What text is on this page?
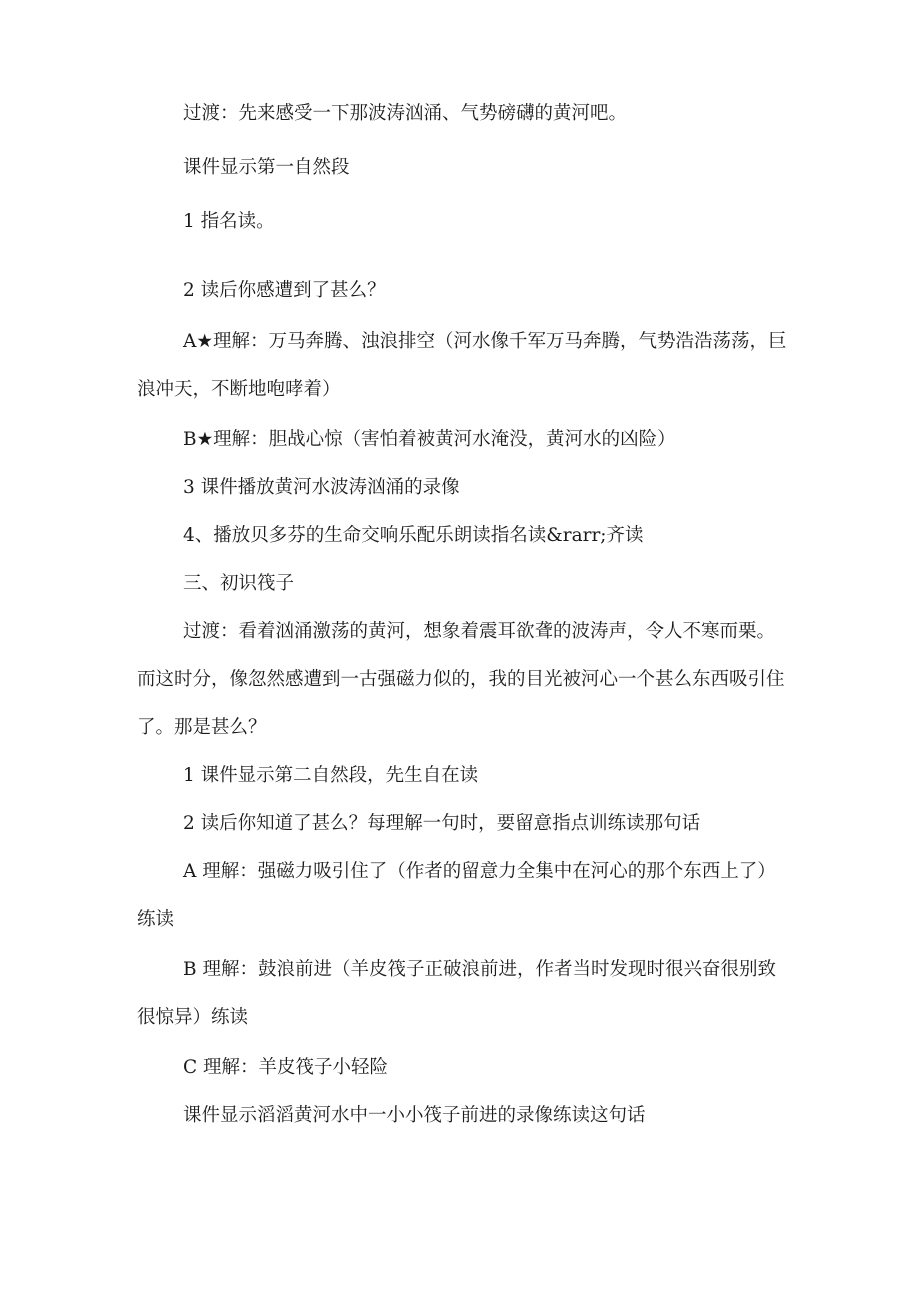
过渡：先来感受一下那波涛汹涌、气势磅礴的黄河吧。

课件显示第一自然段

1 指名读。

2 读后你感遭到了甚么？

A★理解：万马奔腾、浊浪排空（河水像千军万马奔腾，气势浩浩荡荡，巨浪冲天，不断地咆哮着）

B★理解：胆战心惊（害怕着被黄河水淹没，黄河水的凶险）

3 课件播放黄河水波涛汹涌的录像

4、播放贝多芬的生命交响乐配乐朗读指名读&rarr;齐读

三、初识筏子

过渡：看着汹涌激荡的黄河，想象着震耳欲聋的波涛声，令人不寒而栗。而这时分，像忽然感遭到一古强磁力似的，我的目光被河心一个甚么东西吸引住了。那是甚么？

1 课件显示第二自然段，先生自在读

2 读后你知道了甚么？每理解一句时，要留意指点训练读那句话

A 理解：强磁力吸引住了（作者的留意力全集中在河心的那个东西上了）练读

B 理解：鼓浪前进（羊皮筏子正破浪前进，作者当时发现时很兴奋很别致很惊异）练读

C 理解：羊皮筏子小轻险

课件显示滔滔黄河水中一小小筏子前进的录像练读这句话
